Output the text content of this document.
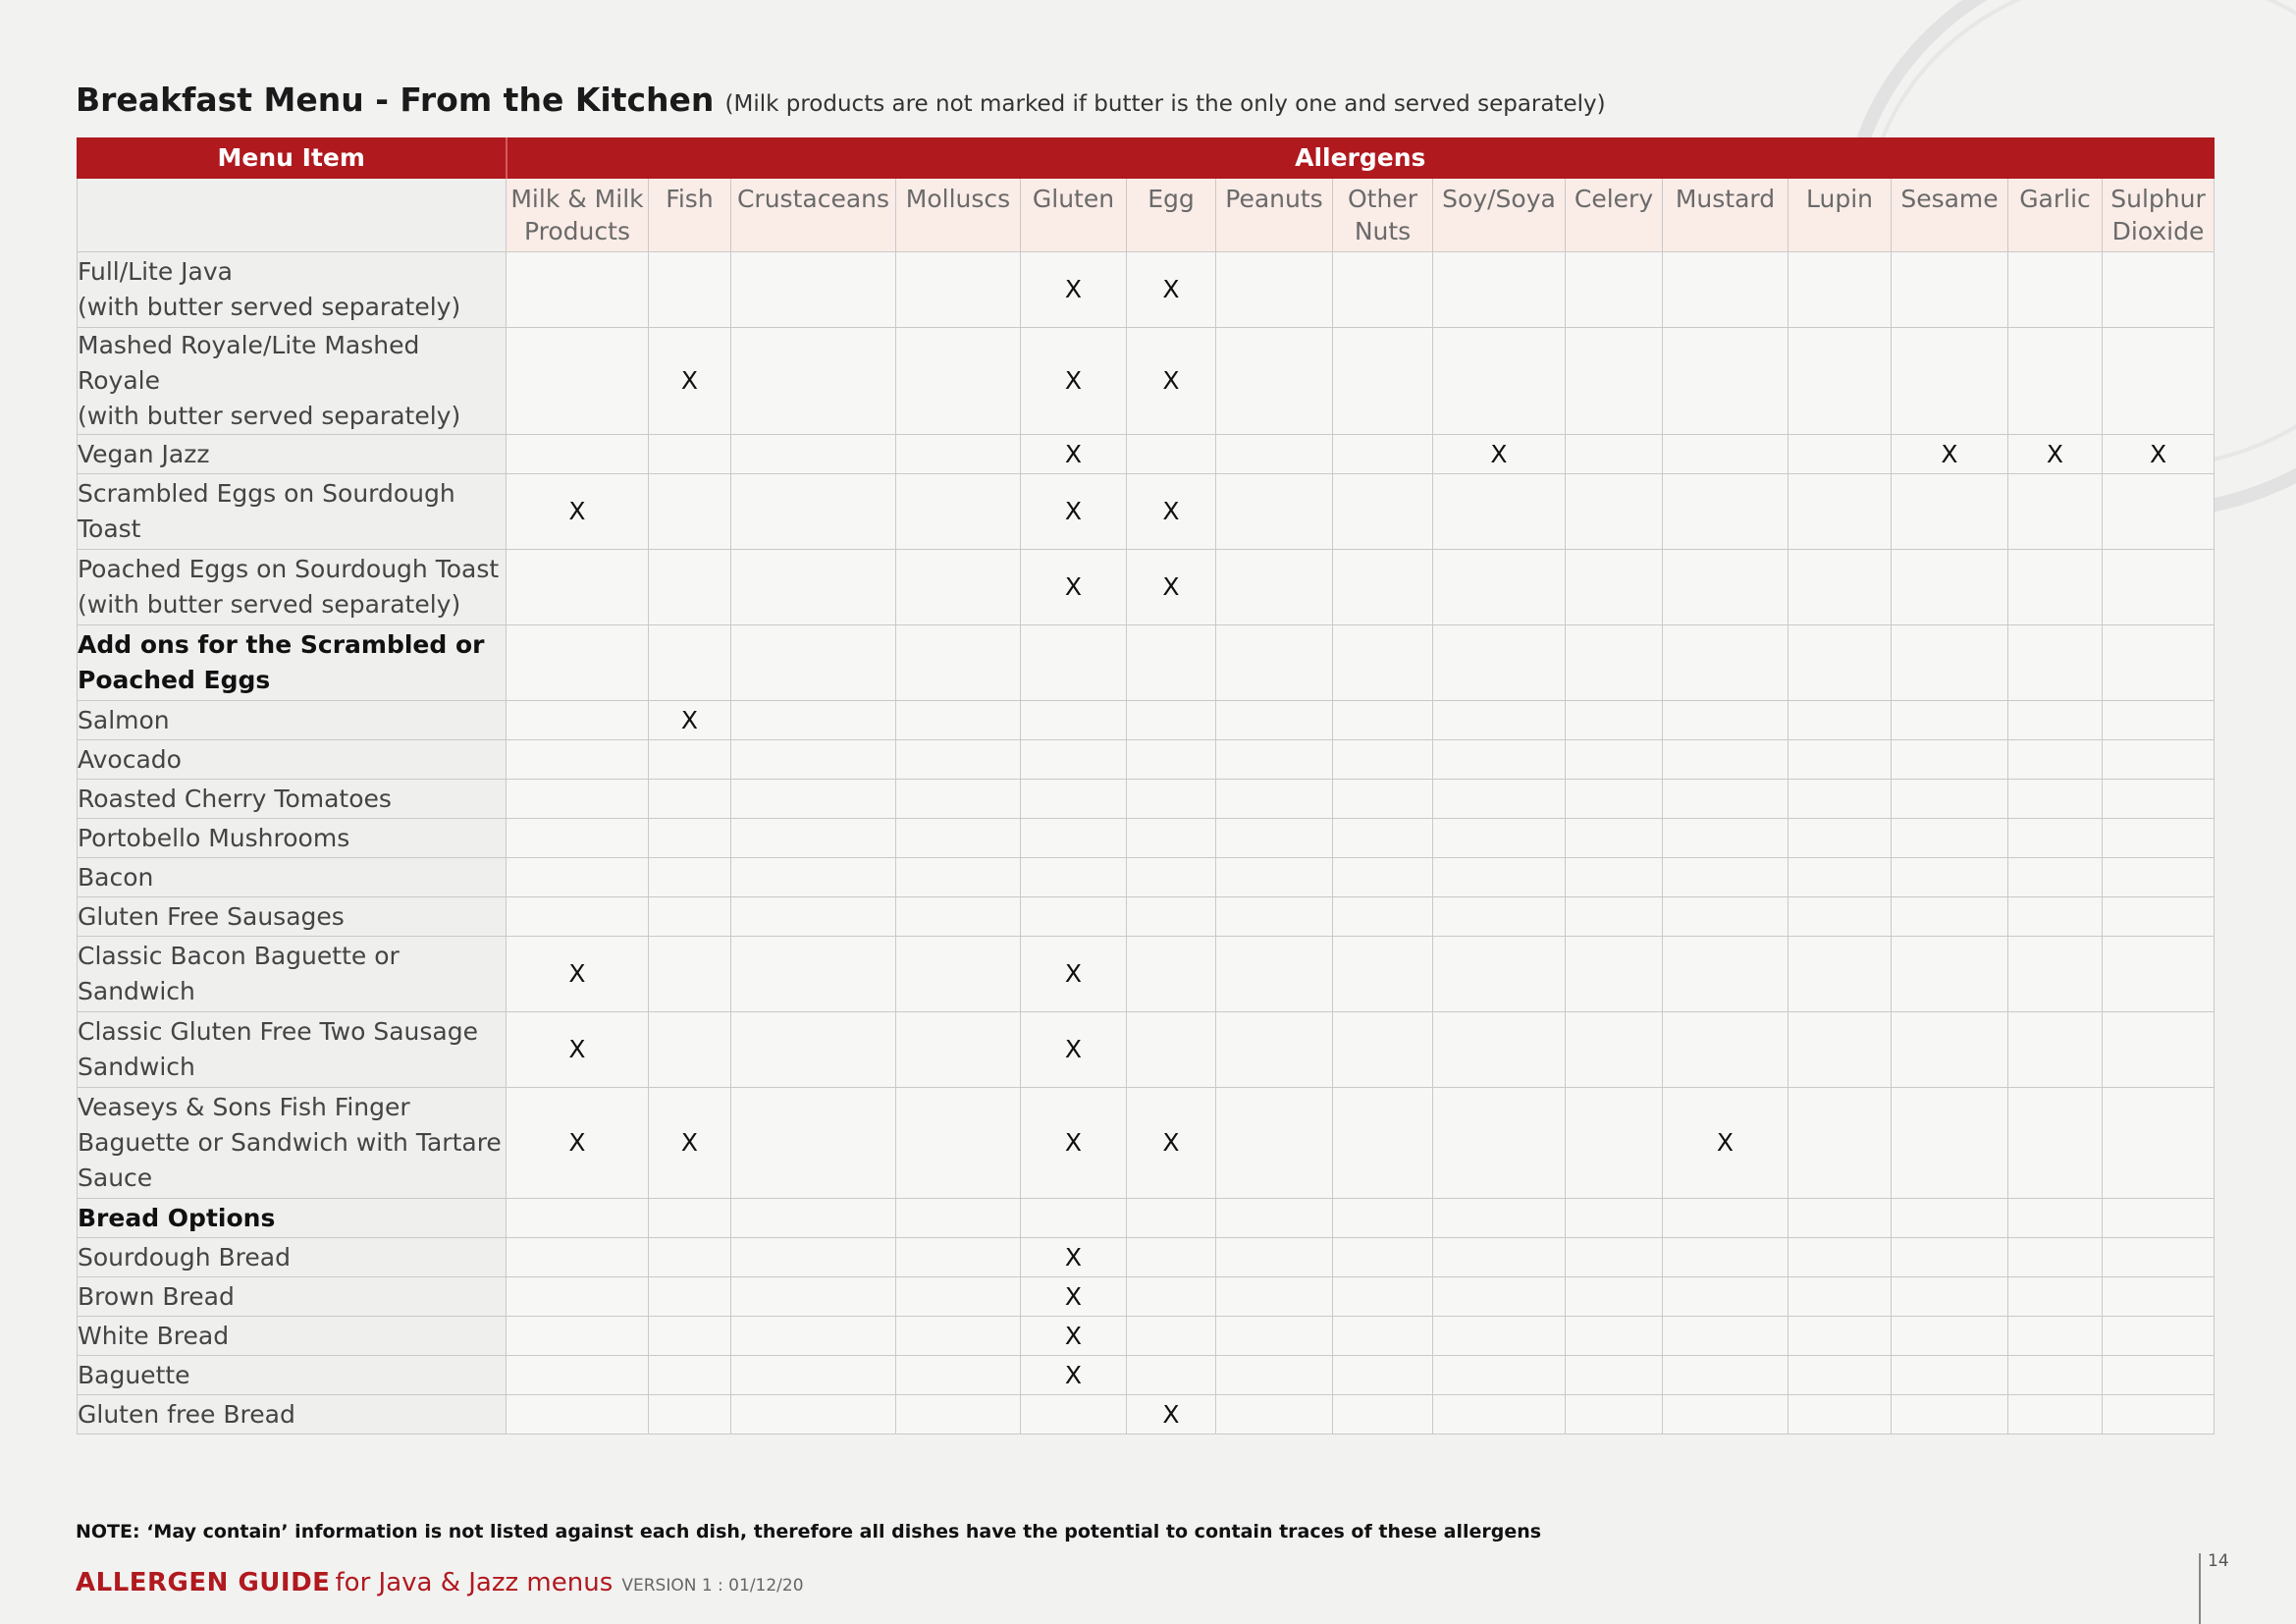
Breakfast Menu - From the Kitchen (Milk products are not marked if butter is the only one and served separately)
Menu Item	Allergens														
	Milk & Milk Products	Fish	Crustaceans	Molluscs	Gluten	Egg	Peanuts	Other Nuts	Soy/Soya	Celery	Mustard	Lupin	Sesame	Garlic	Sulphur Dioxide
Full/Lite Java
(with butter served separately)					X	X									
Mashed Royale/Lite Mashed Royale
(with butter served separately)		X			X	X									
Vegan Jazz					X				X				X	X	X
Scrambled Eggs on Sourdough
Toast	X				X	X									
Poached Eggs on Sourdough Toast
(with butter served separately)					X	X									
Add ons for the Scrambled or
Poached Eggs															
Salmon		X													
Avocado															
Roasted Cherry Tomatoes															
Portobello Mushrooms															
Bacon															
Gluten Free Sausages															
Classic Bacon Baguette or
Sandwich	X				X										
Classic Gluten Free Two Sausage
Sandwich	X				X										
Veaseys & Sons Fish Finger
Baguette or Sandwich with Tartare
Sauce	X	X			X	X					X				
Bread Options															
Sourdough Bread					X										
Brown Bread					X										
White Bread					X										
Baguette					X										
Gluten free Bread						X									
NOTE: ‘May contain’ information is not listed against each dish, therefore all dishes have the potential to contain traces of these allergens
ALLERGEN GUIDE for Java & Jazz menus VERSION 1 : 01/12/20
14
